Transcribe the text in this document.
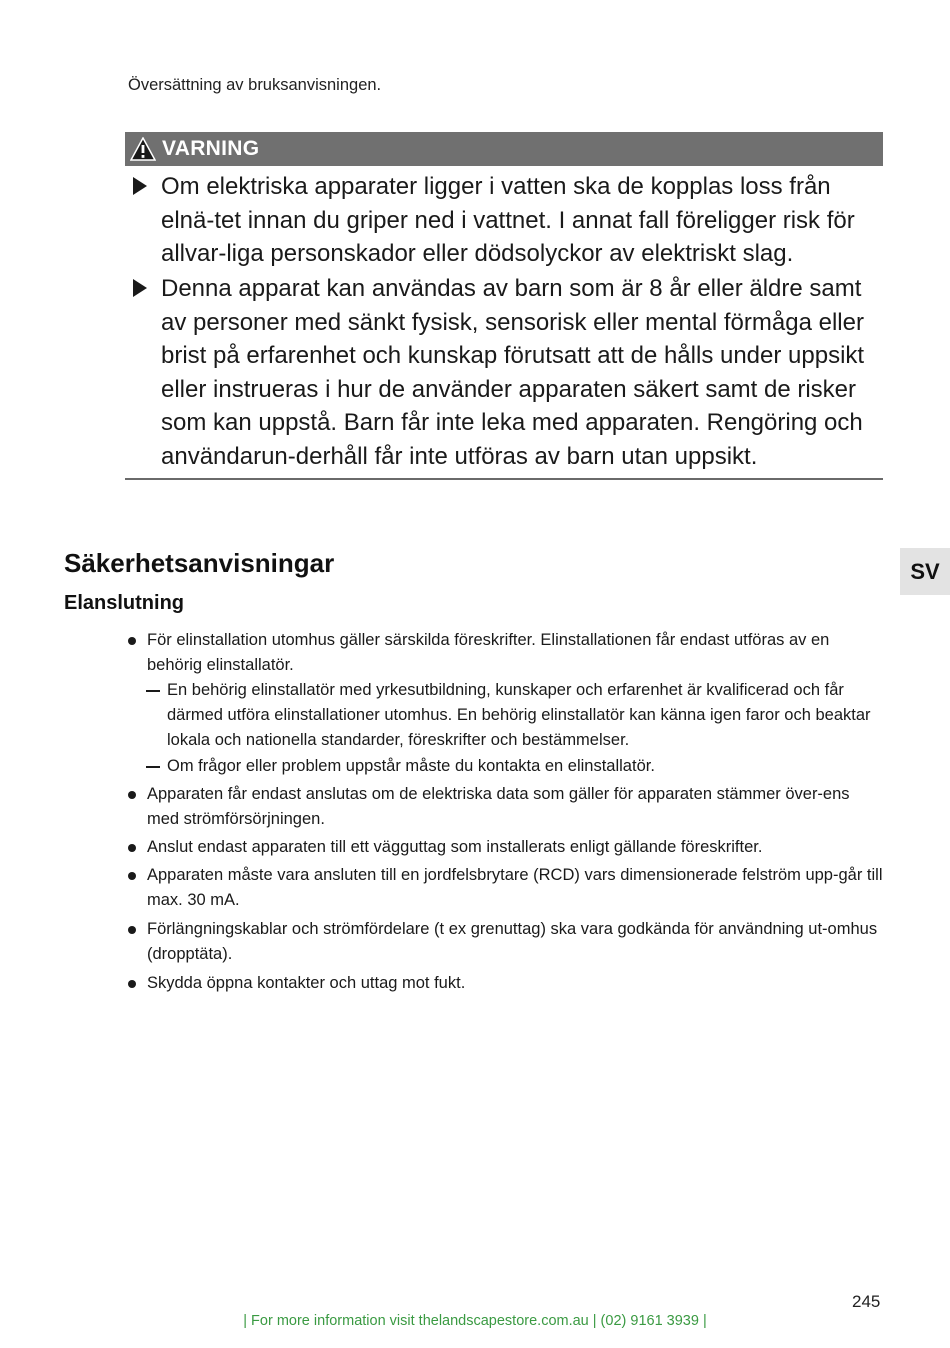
Översättning av bruksanvisningen.
VARNING
Om elektriska apparater ligger i vatten ska de kopplas loss från elnä-tet innan du griper ned i vattnet. I annat fall föreligger risk för allvar-liga personskador eller dödsolyckor av elektriskt slag.
Denna apparat kan användas av barn som är 8 år eller äldre samt av personer med sänkt fysisk, sensorisk eller mental förmåga eller brist på erfarenhet och kunskap förutsatt att de hålls under uppsikt eller instrueras i hur de använder apparaten säkert samt de risker som kan uppstå. Barn får inte leka med apparaten. Rengöring och användarun-derhåll får inte utföras av barn utan uppsikt.
Säkerhetsanvisningar
Elanslutning
SV
För elinstallation utomhus gäller särskilda föreskrifter. Elinstallationen får endast utföras av en behörig elinstallatör.
En behörig elinstallatör med yrkesutbildning, kunskaper och erfarenhet är kvalificerad och får därmed utföra elinstallationer utomhus. En behörig elinstallatör kan känna igen faror och beaktar lokala och nationella standarder, föreskrifter och bestämmelser.
Om frågor eller problem uppstår måste du kontakta en elinstallatör.
Apparaten får endast anslutas om de elektriska data som gäller för apparaten stämmer över-ens med strömförsörjningen.
Anslut endast apparaten till ett vägguttag som installerats enligt gällande föreskrifter.
Apparaten måste vara ansluten till en jordfelsbrytare (RCD) vars dimensionerade felström upp-går till max. 30 mA.
Förlängningskablar och strömfördelare (t ex grenuttag) ska vara godkända för användning ut-omhus (dropptäta).
Skydda öppna kontakter och uttag mot fukt.
245
| For more information visit thelandscapestore.com.au | (02) 9161 3939 |
